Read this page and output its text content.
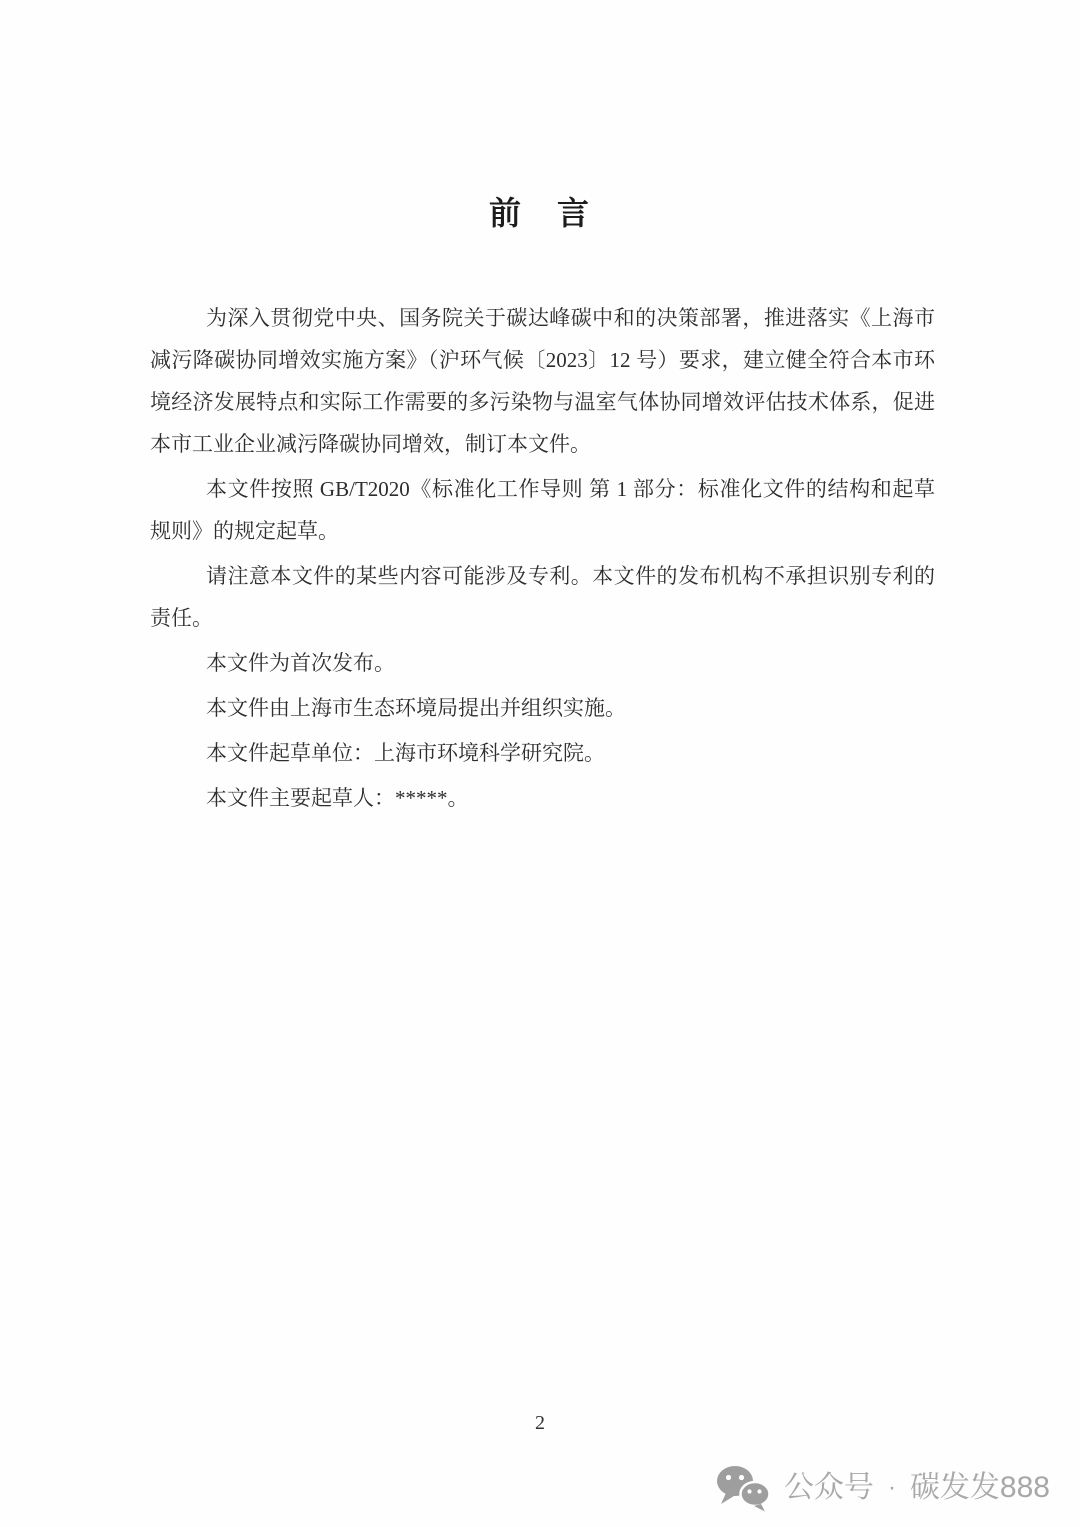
前　言

为深入贯彻党中央、国务院关于碳达峰碳中和的决策部署，推进落实《上海市减污降碳协同增效实施方案》（沪环气候〔2023〕12 号）要求，建立健全符合本市环境经济发展特点和实际工作需要的多污染物与温室气体协同增效评估技术体系，促进本市工业企业减污降碳协同增效，制订本文件。

本文件按照 GB/T2020《标准化工作导则 第 1 部分：标准化文件的结构和起草规则》的规定起草。

请注意本文件的某些内容可能涉及专利。本文件的发布机构不承担识别专利的责任。

本文件为首次发布。

本文件由上海市生态环境局提出并组织实施。

本文件起草单位：上海市环境科学研究院。

本文件主要起草人：*****。

2
公众号 · 碳发发888
